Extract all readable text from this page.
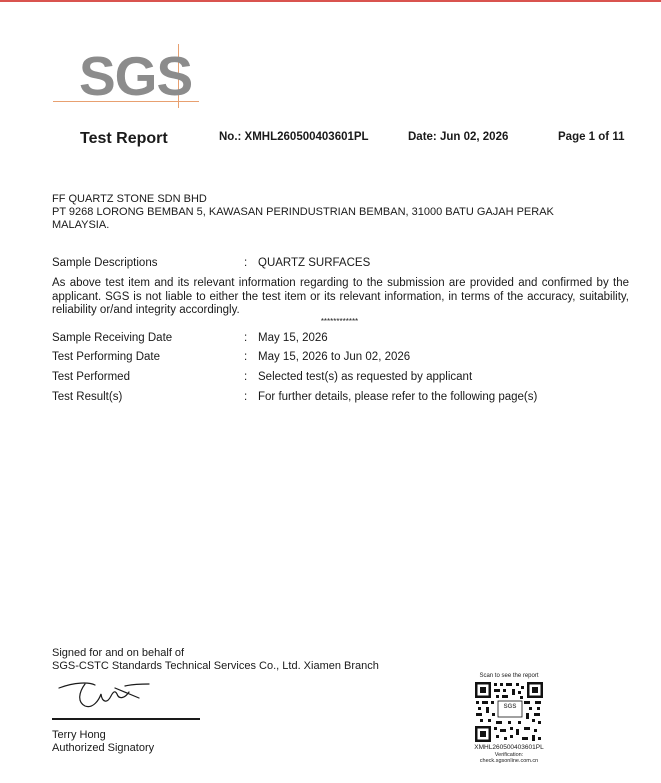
SGS
Test Report	No.: XMHL260500403601PL	Date: Jun 02, 2026	Page 1 of 11
FF QUARTZ STONE SDN BHD
PT 9268 LORONG BEMBAN 5, KAWASAN PERINDUSTRIAN BEMBAN, 31000 BATU GAJAH PERAK
MALAYSIA.
Sample Descriptions	: QUARTZ SURFACES
As above test item and its relevant information regarding to the submission are provided and confirmed by the applicant. SGS is not liable to either the test item or its relevant information, in terms of the accuracy, suitability, reliability or/and integrity accordingly.
************
Sample Receiving Date	: May 15, 2026
Test Performing Date	: May 15, 2026 to Jun 02, 2026
Test Performed	: Selected test(s) as requested by applicant
Test Result(s)	: For further details, please refer to the following page(s)
Signed for and on behalf of
SGS-CSTC Standards Technical Services Co., Ltd. Xiamen Branch
Terry Hong
Authorized Signatory
Scan to see the report
SGS
XMHL260500403601PL
Verification:
check.sgsonline.com.cn
